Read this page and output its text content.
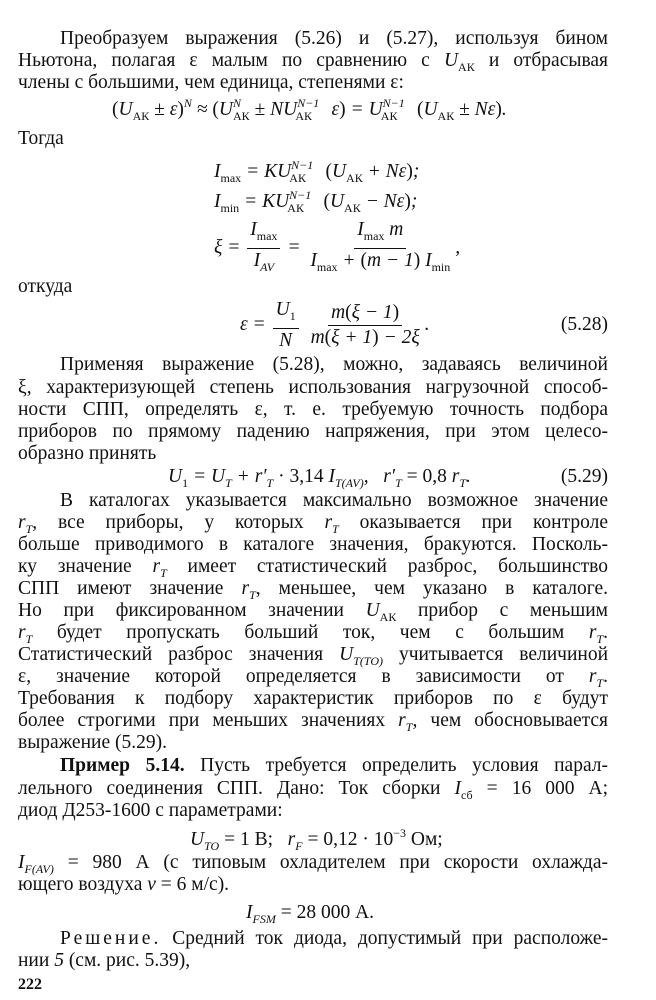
Преобразуем выражения (5.26) и (5.27), используя бином
Ньютона, полагая ε малым по сравнению с $U_{АК}$ и отбрасывая
члены с большими, чем единица, степенями ε:
$(U_{АК} \pm \varepsilon)^N \approx (U^N_{АК} \pm NU^{N-1}_{АК}$    $\varepsilon) = U^{N-1}_{АК}$ $(U_{АК} \pm N\varepsilon)$.
Тогда
$I_{max} = KU^{N-1}_{АК}$ $(U_{АК} + N\varepsilon)$;
$I_{min} = KU^{N-1}_{АК}$ $(U_{АК} - N\varepsilon)$;
$\xi = \frac{I_{max}}{I_{AV}} = \frac{I_{max} m}{I_{max} + (m - 1) I_{min}}$ ,
откуда
$\varepsilon = \frac{U_1}{N}$
$\frac{m(\xi - 1)}{m(\xi + 1) - 2\xi}$ .	(5.28)
Применяя выражение (5.28), можно, задаваясь величиной
ξ, характеризующей степень использования нагрузочной способ-
ности СПП, определять ε, т. е. требуемую точность подбора
приборов по прямому падению напряжения, при этом целесо-
образно принять
$U_1 = U_T + r'_T \cdot 3,14$ $I_{T(AV)}$,   $r'_T = 0,8$ $r_T$.	(5.29)
В каталогах указывается максимально возможное значение
$r_T$, все приборы, у которых $r_T$ оказывается при контроле
больше приводимого в каталоге значения, бракуются. Посколь-
ку значение $r_T$ имеет статистический разброс, большинство
СПП имеют значение $r_T$, меньшее, чем указано в каталоге.
Но при фиксированном значении $U_{АК}$ прибор с меньшим
$r_T$ будет пропускать больший ток, чем с большим $r_T$.
Статистический разброс значения $U_{T(TO)}$ учитывается величиной
ε, значение которой определяется в зависимости от $r_T$.
Требования к подбору характеристик приборов по ε будут
более строгими при меньших значениях $r_T$, чем обосновывается
выражение (5.29).
Пример 5.14. Пусть требуется определить условия парал-
лельного соединения СПП. Дано: Ток сборки $I_{сб} = 16$ 000 А;
диод Д253-1600 с параметрами:
$U_{TO} = 1$ В; $r_F = 0,12 \cdot 10^{-3}$ Ом;
$I_{F(AV)} = 980$ А (с типовым охладителем при скорости охлажда-
ющего воздуха v = 6 м/с).
$I_{FSM} = 28$ 000 А.
Решение. Средний ток диода, допустимый при расположе-
нии 5 (см. рис. 5.39),
222
